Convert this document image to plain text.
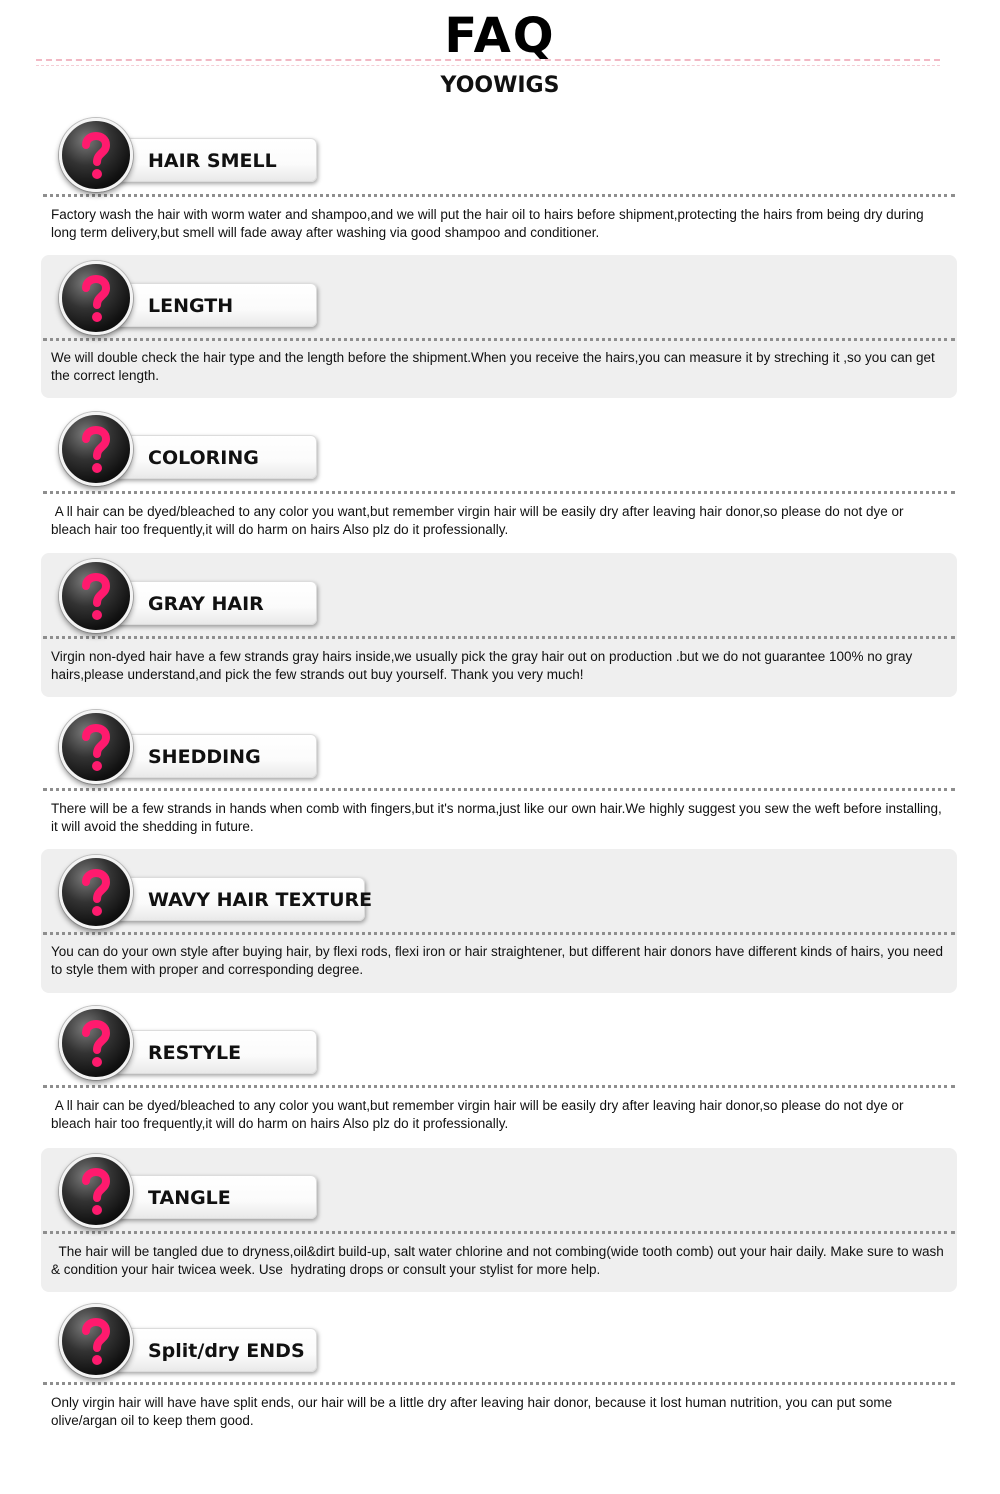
FAQ
YOOWIGS
HAIR SMELL
Factory wash the hair with worm water and shampoo,and we will put the hair oil to hairs before shipment,protecting the hairs from being dry during long term delivery,but smell will fade away after washing via good shampoo and conditioner.
LENGTH
We will double check the hair type and the length before the shipment.When you receive the hairs,you can measure it by streching it ,so you can get the correct length.
COLORING
A ll hair can be dyed/bleached to any color you want,but remember virgin hair will be easily dry after leaving hair donor,so please do not dye or bleach hair too frequently,it will do harm on hairs Also plz do it professionally.
GRAY HAIR
Virgin non-dyed hair have a few strands gray hairs inside,we usually pick the gray hair out on production .but we do not guarantee 100% no gray hairs,please understand,and pick the few strands out buy yourself. Thank you very much!
SHEDDING
There will be a few strands in hands when comb with fingers,but it's norma,just like our own hair.We highly suggest you sew the weft before installing, it will avoid the shedding in future.
WAVY HAIR TEXTURE
You can do your own style after buying hair, by flexi rods, flexi iron or hair straightener, but different hair donors have different kinds of hairs, you need to style them with proper and corresponding degree.
RESTYLE
A ll hair can be dyed/bleached to any color you want,but remember virgin hair will be easily dry after leaving hair donor,so please do not dye or bleach hair too frequently,it will do harm on hairs Also plz do it professionally.
TANGLE
The hair will be tangled due to dryness,oil&dirt build-up, salt water chlorine and not combing(wide tooth comb) out your hair daily. Make sure to wash & condition your hair twicea week. Use  hydrating drops or consult your stylist for more help.
Split/dry ENDS
Only virgin hair will have have split ends, our hair will be a little dry after leaving hair donor, because it lost human nutrition, you can put some olive/argan oil to keep them good.
